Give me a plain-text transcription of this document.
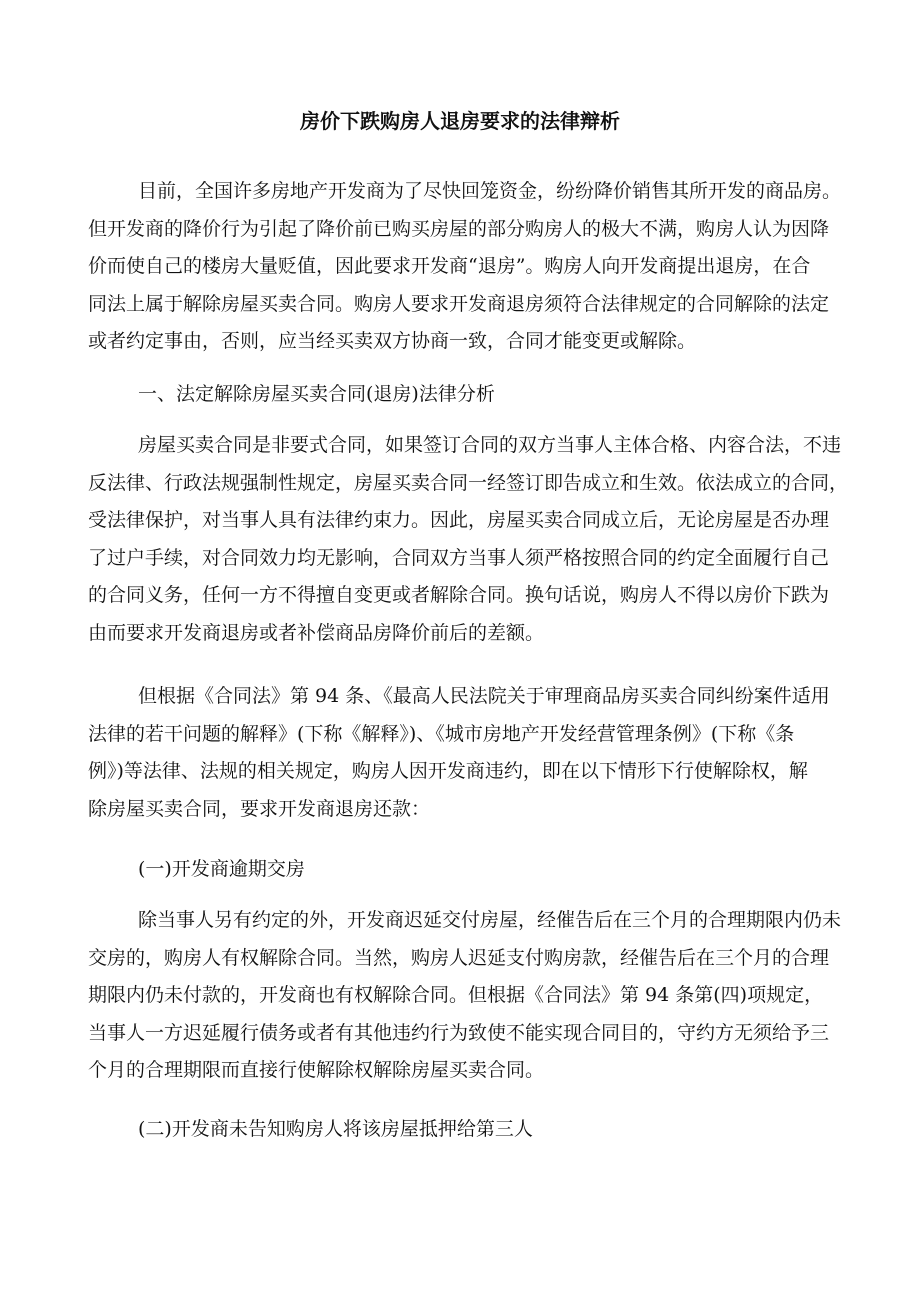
房价下跌购房人退房要求的法律辩析
目前，全国许多房地产开发商为了尽快回笼资金，纷纷降价销售其所开发的商品房。
但开发商的降价行为引起了降价前已购买房屋的部分购房人的极大不满，购房人认为因降
价而使自己的楼房大量贬值，因此要求开发商“退房”。购房人向开发商提出退房，在合
同法上属于解除房屋买卖合同。购房人要求开发商退房须符合法律规定的合同解除的法定
或者约定事由，否则，应当经买卖双方协商一致，合同才能变更或解除。
一、法定解除房屋买卖合同(退房)法律分析
房屋买卖合同是非要式合同，如果签订合同的双方当事人主体合格、内容合法，不违
反法律、行政法规强制性规定，房屋买卖合同一经签订即告成立和生效。依法成立的合同，
受法律保护，对当事人具有法律约束力。因此，房屋买卖合同成立后，无论房屋是否办理
了过户手续，对合同效力均无影响，合同双方当事人须严格按照合同的约定全面履行自己
的合同义务，任何一方不得擅自变更或者解除合同。换句话说，购房人不得以房价下跌为
由而要求开发商退房或者补偿商品房降价前后的差额。
但根据《合同法》第 94 条、《最高人民法院关于审理商品房买卖合同纠纷案件适用
法律的若干问题的解释》(下称《解释》)、《城市房地产开发经营管理条例》(下称《条
例》)等法律、法规的相关规定，购房人因开发商违约，即在以下情形下行使解除权，解
除房屋买卖合同，要求开发商退房还款：
(一)开发商逾期交房
除当事人另有约定的外，开发商迟延交付房屋，经催告后在三个月的合理期限内仍未
交房的，购房人有权解除合同。当然，购房人迟延支付购房款，经催告后在三个月的合理
期限内仍未付款的，开发商也有权解除合同。但根据《合同法》第 94 条第(四)项规定，
当事人一方迟延履行债务或者有其他违约行为致使不能实现合同目的，守约方无须给予三
个月的合理期限而直接行使解除权解除房屋买卖合同。
(二)开发商未告知购房人将该房屋抵押给第三人
